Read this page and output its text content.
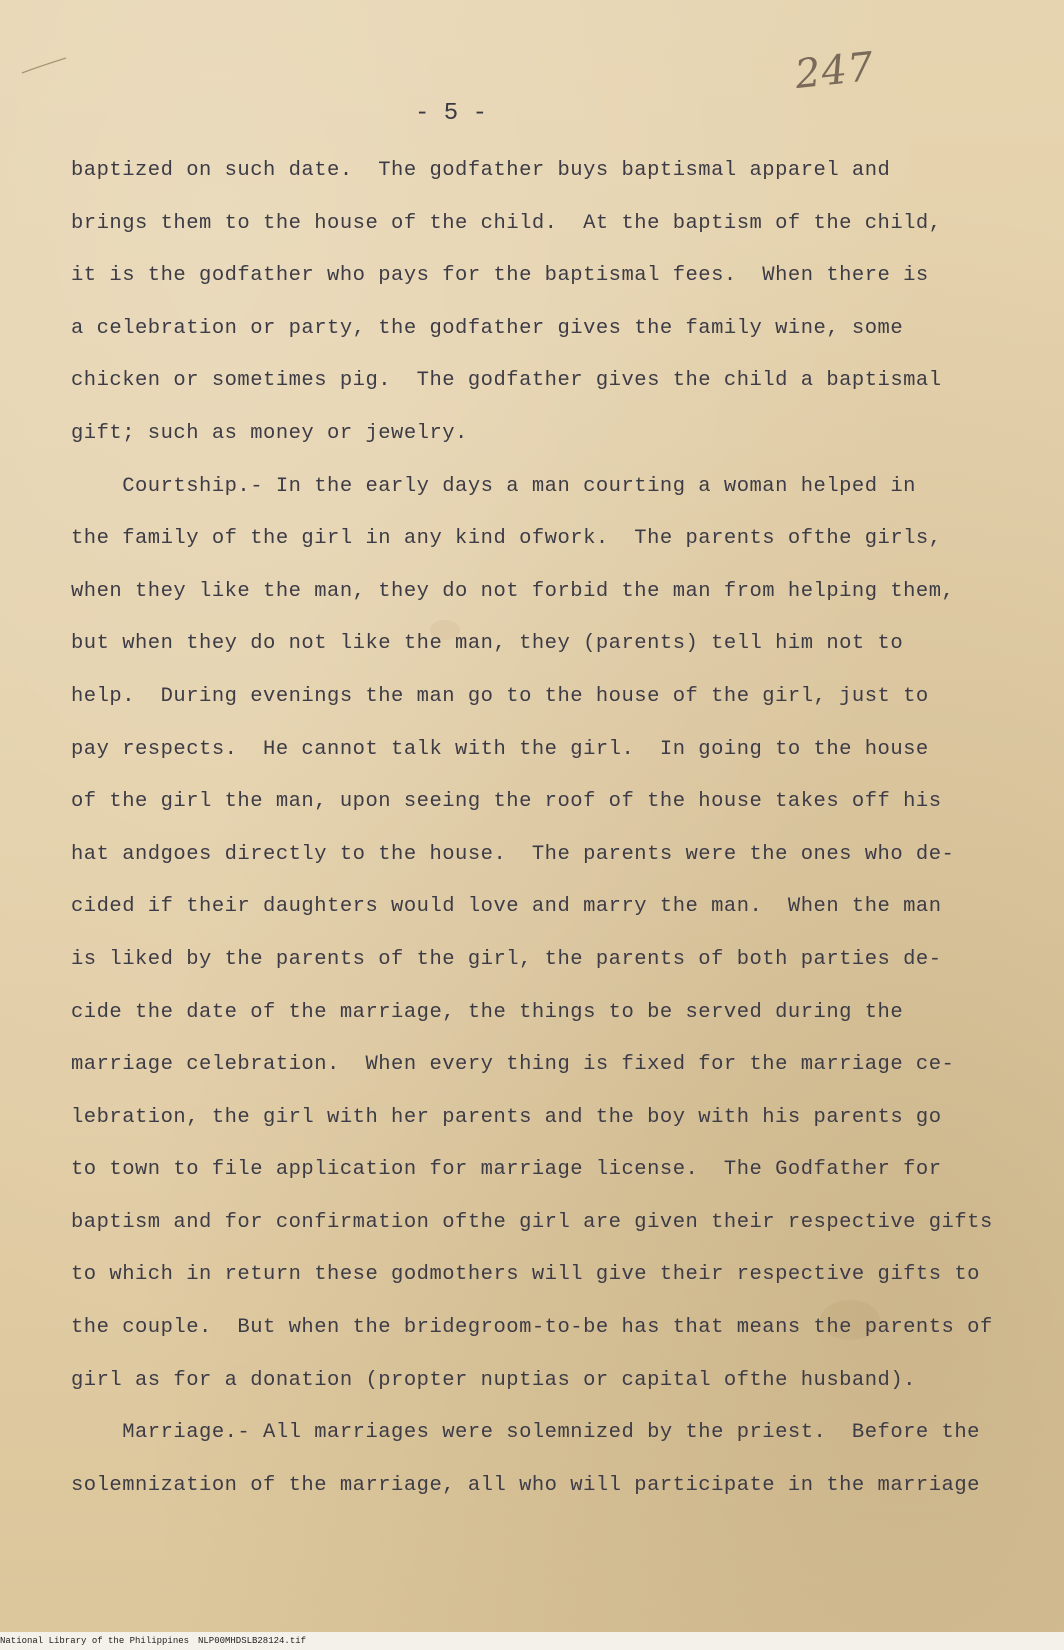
247
- 5 -
baptized on such date.  The godfather buys baptismal apparel and
brings them to the house of the child.  At the baptism of the child,
it is the godfather who pays for the baptismal fees.  When there is
a celebration or party, the godfather gives the family wine, some
chicken or sometimes pig.  The godfather gives the child a baptismal
gift; such as money or jewelry.
Courtship.- In the early days a man courting a woman helped in
the family of the girl in any kind ofwork.  The parents ofthe girls,
when they like the man, they do not forbid the man from helping them,
but when they do not like the man, they (parents) tell him not to
help.  During evenings the man go to the house of the girl, just to
pay respects.  He cannot talk with the girl.  In going to the house
of the girl the man, upon seeing the roof of the house takes off his
hat andgoes directly to the house.  The parents were the ones who de-
cided if their daughters would love and marry the man.  When the man
is liked by the parents of the girl, the parents of both parties de-
cide the date of the marriage, the things to be served during the
marriage celebration.  When every thing is fixed for the marriage ce-
lebration, the girl with her parents and the boy with his parents go
to town to file application for marriage license.  The Godfather for
baptism and for confirmation ofthe girl are given their respective gifts
to which in return these godmothers will give their respective gifts to
the couple.  But when the bridegroom-to-be has that means the parents of
girl as for a donation (propter nuptias or capital ofthe husband).
Marriage.- All marriages were solemnized by the priest.  Before the
solemnization of the marriage, all who will participate in the marriage
National Library of the Philippines NLP00MHDSLB28124.tif
